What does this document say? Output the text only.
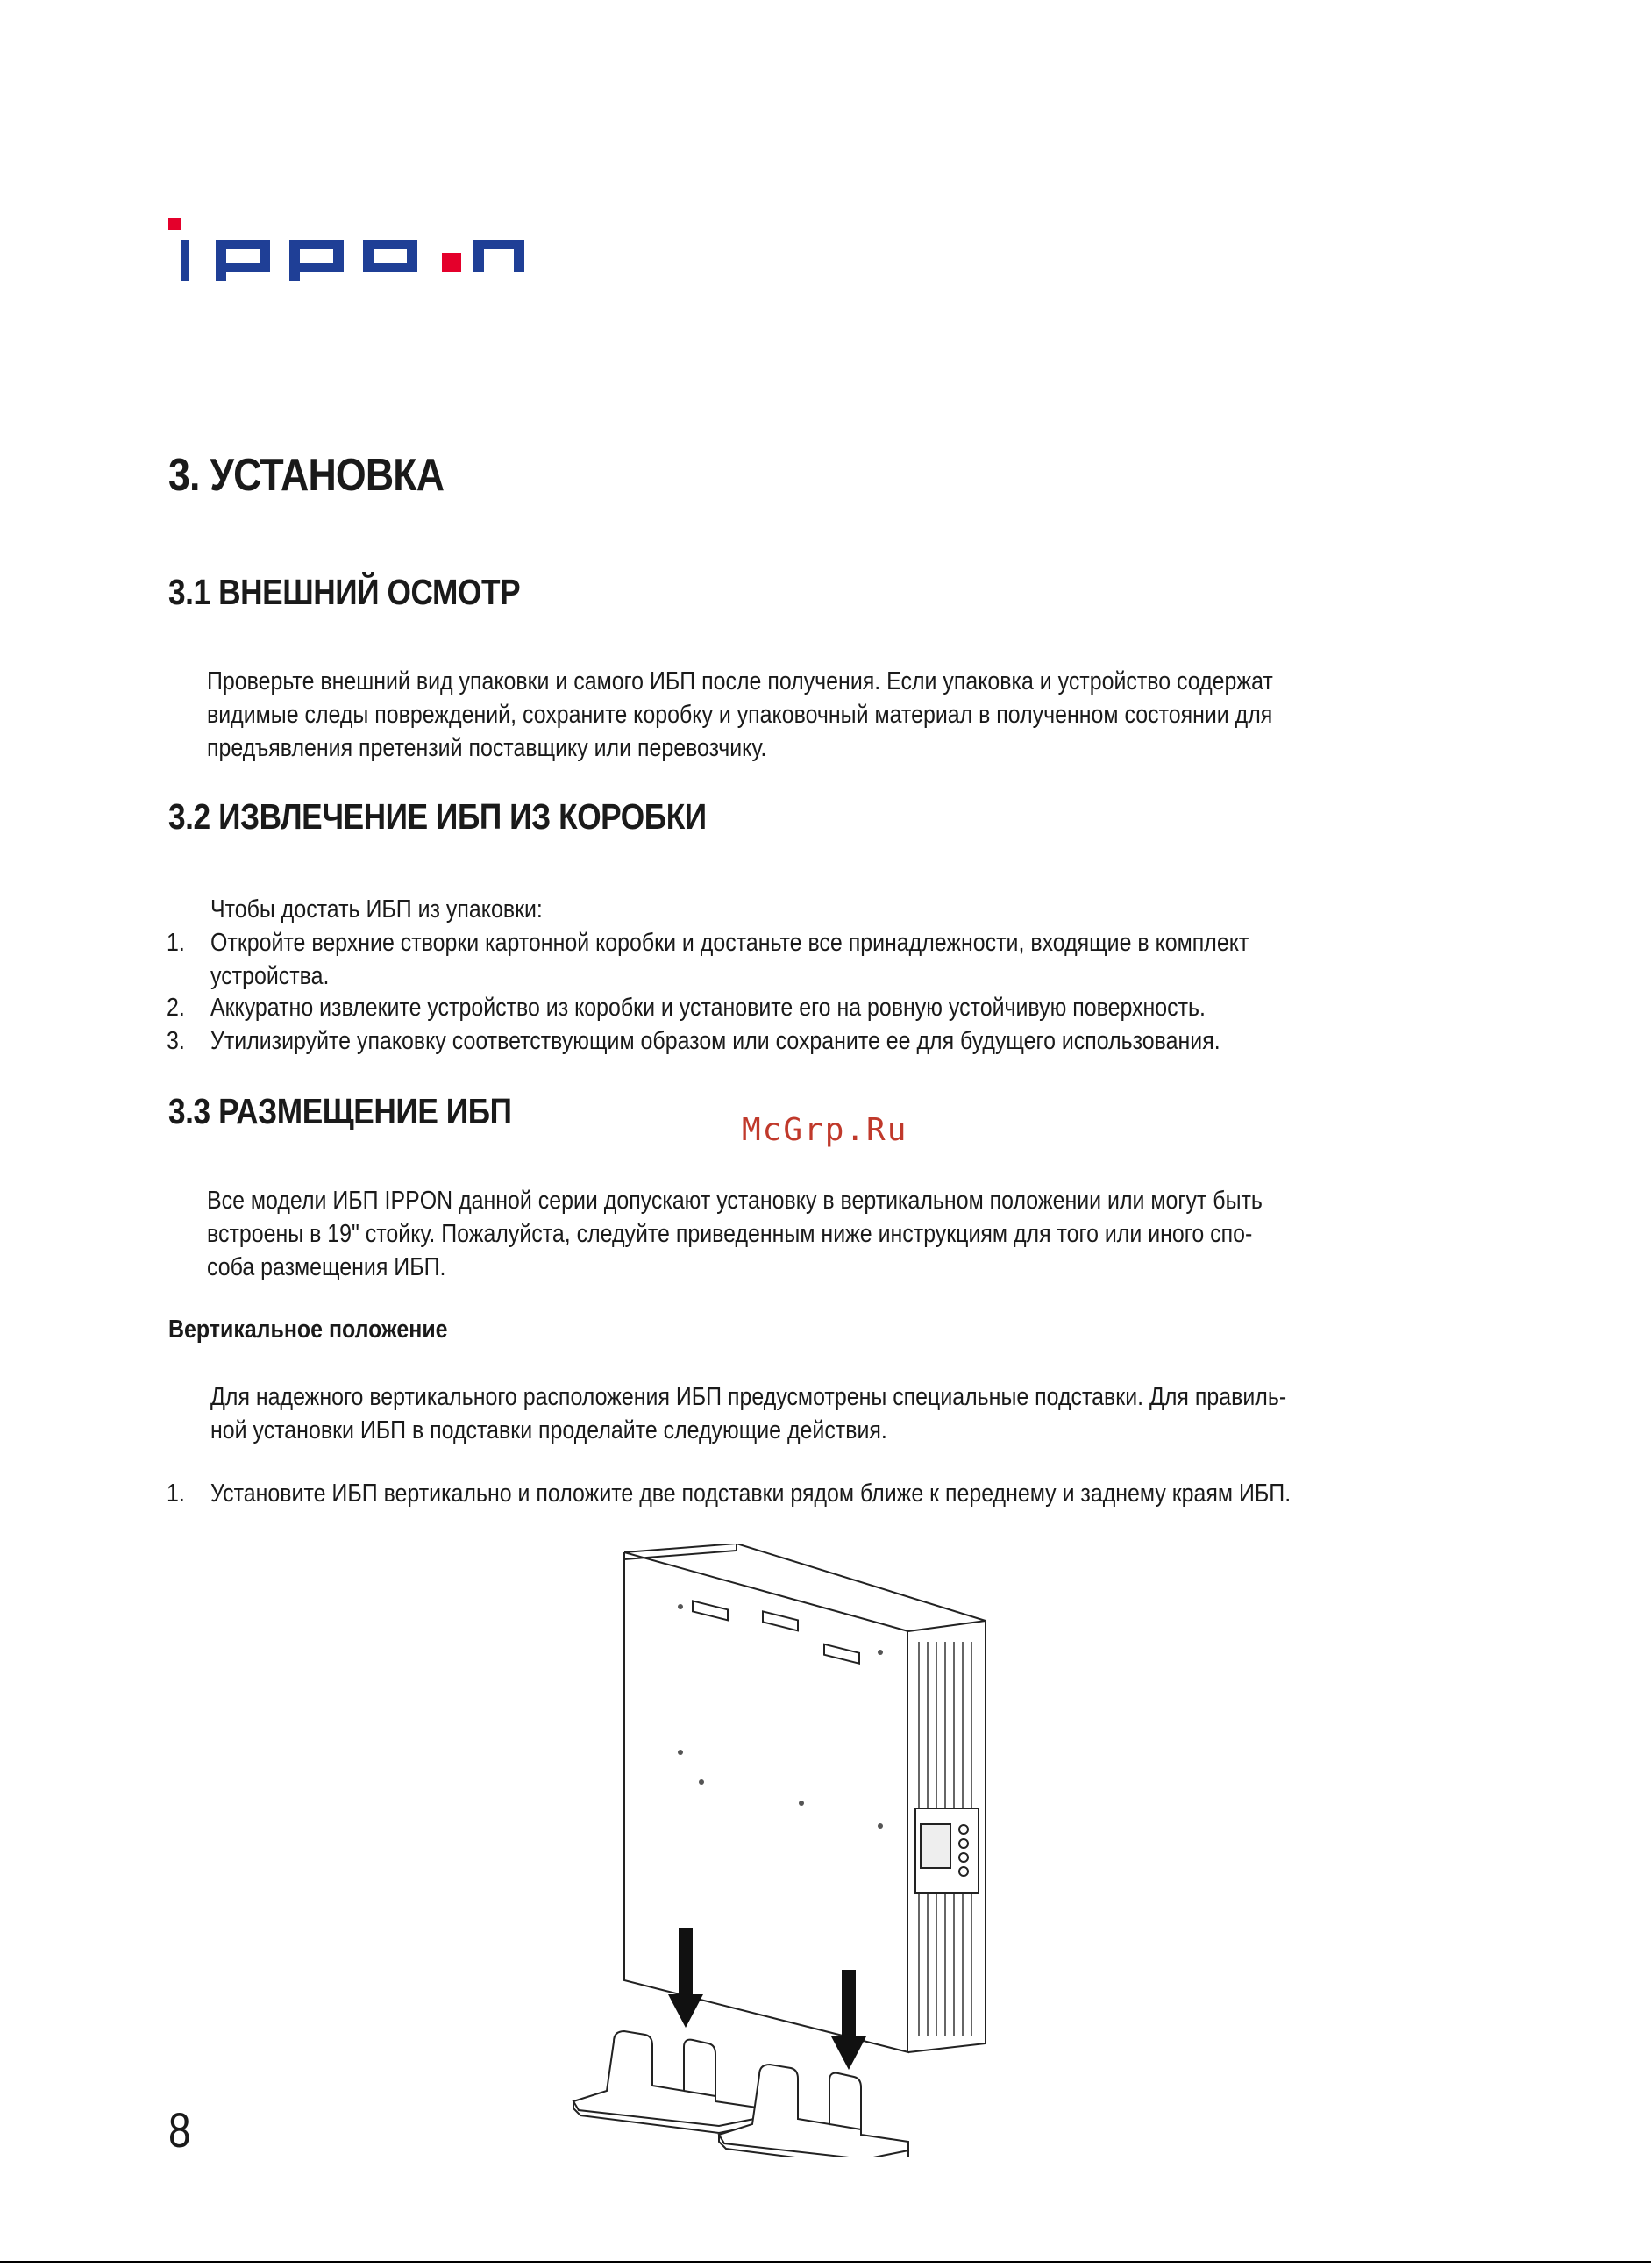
3. УСТАНОВКА
3.1 ВНЕШНИЙ ОСМОТР
Проверьте внешний вид упаковки и самого ИБП после получения. Если упаковка и устройство содержат
видимые следы повреждений, сохраните коробку и упаковочный материал в полученном состоянии для
предъявления претензий поставщику или перевозчику.
3.2 ИЗВЛЕЧЕНИЕ ИБП ИЗ КОРОБКИ
Чтобы достать ИБП из упаковки:
1. Откройте верхние створки картонной коробки и достаньте все принадлежности, входящие в комплект
устройства.
2. Аккуратно извлеките устройство из коробки и установите его на ровную устойчивую поверхность.
3. Утилизируйте упаковку соответствующим образом или сохраните ее для будущего использования.
3.3 РАЗМЕЩЕНИЕ ИБП	McGrp.Ru

Все модели ИБП IPPON данной серии допускают установку в вертикальном положении или могут быть
встроены в 19" стойку. Пожалуйста, следуйте приведенным ниже инструкциям для того или иного спо-
соба размещения ИБП.
Вертикальное положение
Для надежного вертикального расположения ИБП предусмотрены специальные подставки. Для правиль-
ной установки ИБП в подставки проделайте следующие действия.
1. Установите ИБП вертикально и положите две подставки рядом ближе к переднему и заднему краям ИБП.

8
